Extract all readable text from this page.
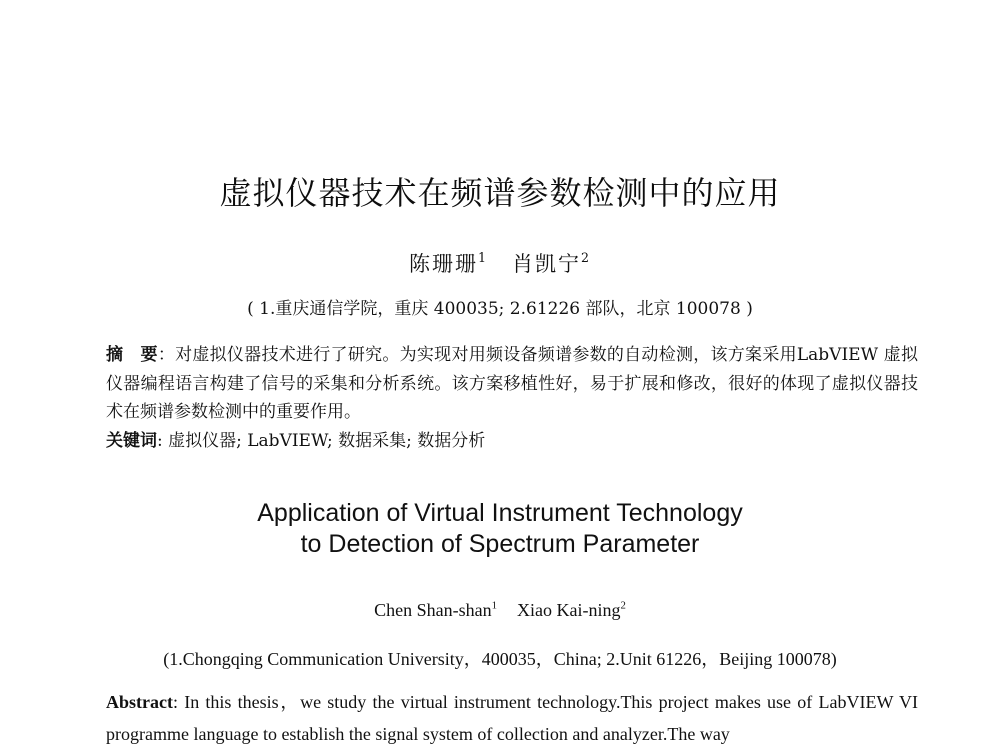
虚拟仪器技术在频谱参数检测中的应用
陈珊珊$^1$ 肖凯宁$^2$
( 1.重庆通信学院，重庆 400035; 2.61226 部队，北京 100078 )
摘　要：对虚拟仪器技术进行了研究。为实现对用频设备频谱参数的自动检测，该方案采用LabVIEW 虚拟仪器编程语言构建了信号的采集和分析系统。该方案移植性好，易于扩展和修改，很好的体现了虚拟仪器技术在频谱参数检测中的重要作用。
关键词: 虚拟仪器; LabVIEW; 数据采集; 数据分析
Application of Virtual Instrument Technology
to Detection of Spectrum Parameter
Chen Shan-shan$^1$ Xiao Kai-ning$^2$
(1.Chongqing Communication University，400035，China; 2.Unit 61226，Beijing 100078)
Abstract: In this thesis，we study the virtual instrument technology.This project makes use of LabVIEW VI programme language to establish the signal system of collection and analyzer.The way
